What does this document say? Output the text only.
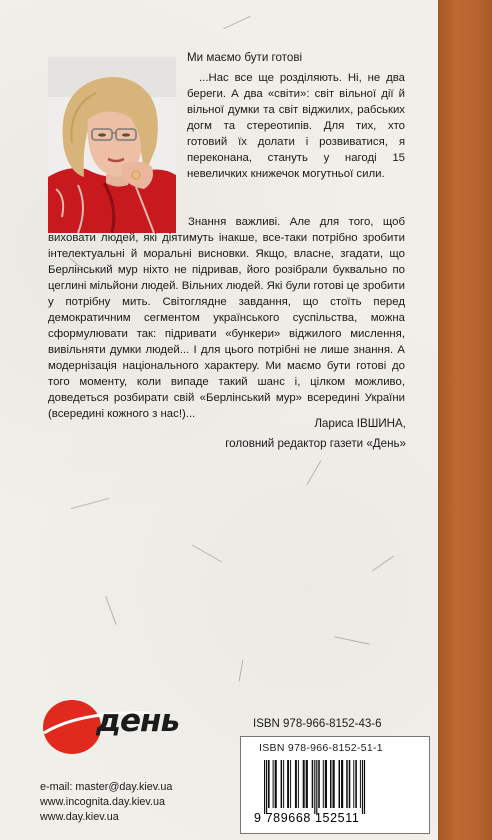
Ми маємо бути готові
...Нас все ще розділяють. Ні, не два береги. А два «світи»: світ вільної дії й вільної думки та світ віджилих, рабських догм та стереотипів. Для тих, хто готовий їх долати і розвиватися, я переконана, стануть у нагоді 15 невеличких книжечок могутньої сили.

Знання важливі. Але для того, щоб виховати людей, які діятимуть інакше, все-таки потрібно зробити інтелектуальні й моральні висновки. Якщо, власне, згадати, що Берлінський мур ніхто не підривав, його розібрали буквально по цеглині мільйони людей. Вільних людей. Які були готові це зробити у потрібну мить. Світоглядне завдання, що стоїть перед демократичним сегментом українського суспільства, можна сформулювати так: підривати «бункери» віджилого мислення, вивільняти думки людей... І для цього потрібні не лише знання. А модернізація національного характеру. Ми маємо бути готові до того моменту, коли випаде такий шанс і, цілком можливо, доведеться розбирати свій «Берлінський мур» всередині України (всередині кожного з нас!)...

Лариса ІВШИНА,
головний редактор газети «День»
день	ISBN 978-966-8152-43-6
ISBN 978-966-8152-51-1
9 789668 152511
e-mail: master@day.kiev.ua
www.incognita.day.kiev.ua
www.day.kiev.ua
